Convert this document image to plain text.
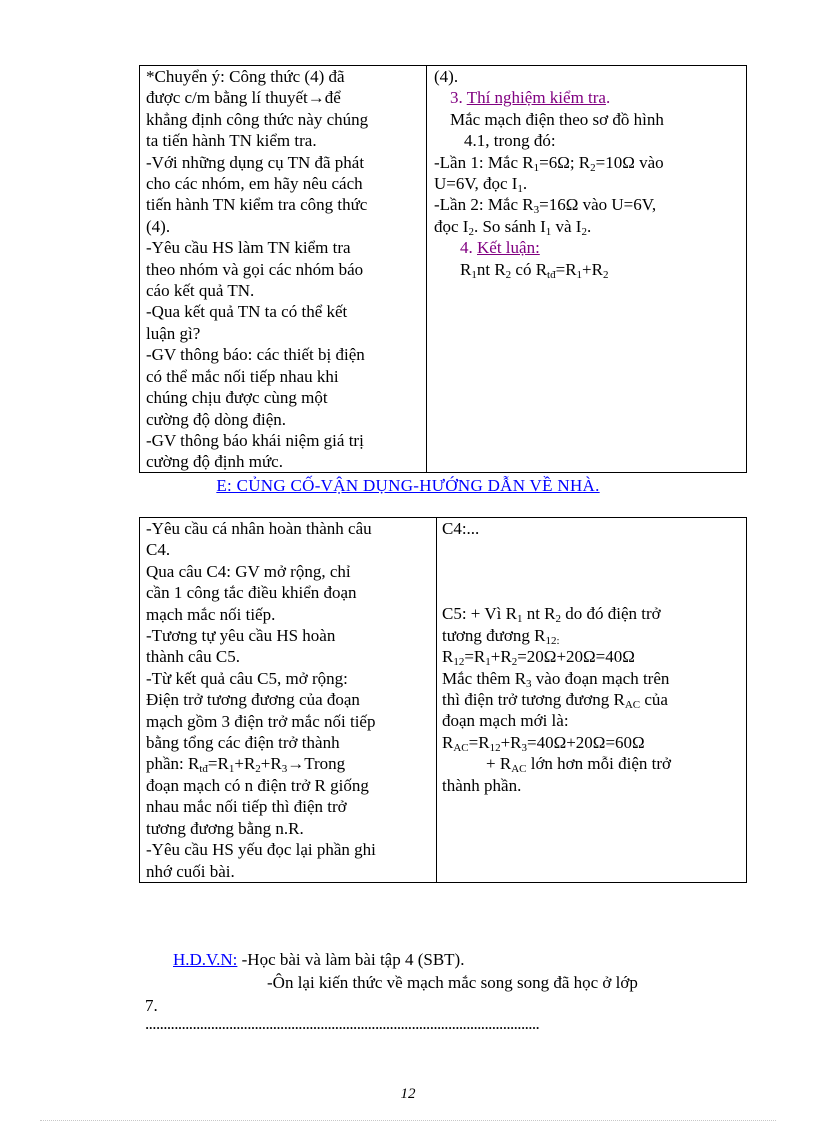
*Chuyển ý: Công thức (4) đã
được c/m bằng lí thuyết→để
khẳng định công thức này chúng
ta tiến hành TN kiểm tra.
-Với những dụng cụ TN đã phát
cho các nhóm, em hãy nêu cách
tiến hành TN kiểm tra công thức
(4).
-Yêu cầu HS làm TN kiểm tra
theo nhóm và gọi các nhóm báo
cáo kết quả TN.
-Qua kết quả TN ta có thể kết
luận gì?
-GV thông báo: các thiết bị điện
có thể mắc nối tiếp nhau khi
chúng chịu được cùng một
cường độ dòng điện.
-GV thông báo khái niệm giá trị
cường độ định mức.
(4).
3. Thí nghiệm kiểm tra.
Mắc mạch điện theo sơ đồ hình
4.1, trong đó:
-Lần 1: Mắc $R_1=6\Omega$; $R_2=10\Omega$ vào
U=6V, đọc $I_1$.
-Lần 2: Mắc $R_3=16\Omega$ vào U=6V,
đọc $I_2$. So sánh $I_1$ và $I_2$.
4. Kết luận:
$R_1nt$ $R_2$ có $R_{tđ}=R_1+R_2$
E: CỦNG CỐ-VẬN DỤNG-HƯỚNG DẪN VỀ NHÀ.
-Yêu cầu cá nhân hoàn thành câu
C4.
Qua câu C4: GV mở rộng, chỉ
cần 1 công tắc điều khiển đoạn
mạch mắc nối tiếp.
-Tương tự yêu cầu HS hoàn
thành câu C5.
-Từ kết quả câu C5, mở rộng:
Điện trở tương đương của đoạn
mạch gồm 3 điện trở mắc nối tiếp
bằng tổng các điện trở thành
phần: $R_{tđ}=R_1+R_2+R_3\to Trong$
đoạn mạch có n điện trở R giống
nhau mắc nối tiếp thì điện trở
tương đương bằng n.R.
-Yêu cầu HS yếu đọc lại phần ghi
nhớ cuối bài.
C4:...
C5: + Vì $R_1$ nt $R_2$ do đó điện trở
tương đương $R_{12:}$
$R_{12}=R_1+R_2=20\Omega+20\Omega=40\Omega$
Mắc thêm $R_3$ vào đoạn mạch trên
thì điện trở tương đương $R_{AC}$ của
đoạn mạch mới là:
$R_{AC}=R_{12}+R_3=40\Omega+20\Omega=60\Omega$
+ $R_{AC}$ lớn hơn mỗi điện trở
thành phần.
H.D.V.N: -Học bài và làm bài tập 4 (SBT).
-Ôn lại kiến thức về mạch mắc song song đã học ở lớp
7.
............................................................................................................
12
